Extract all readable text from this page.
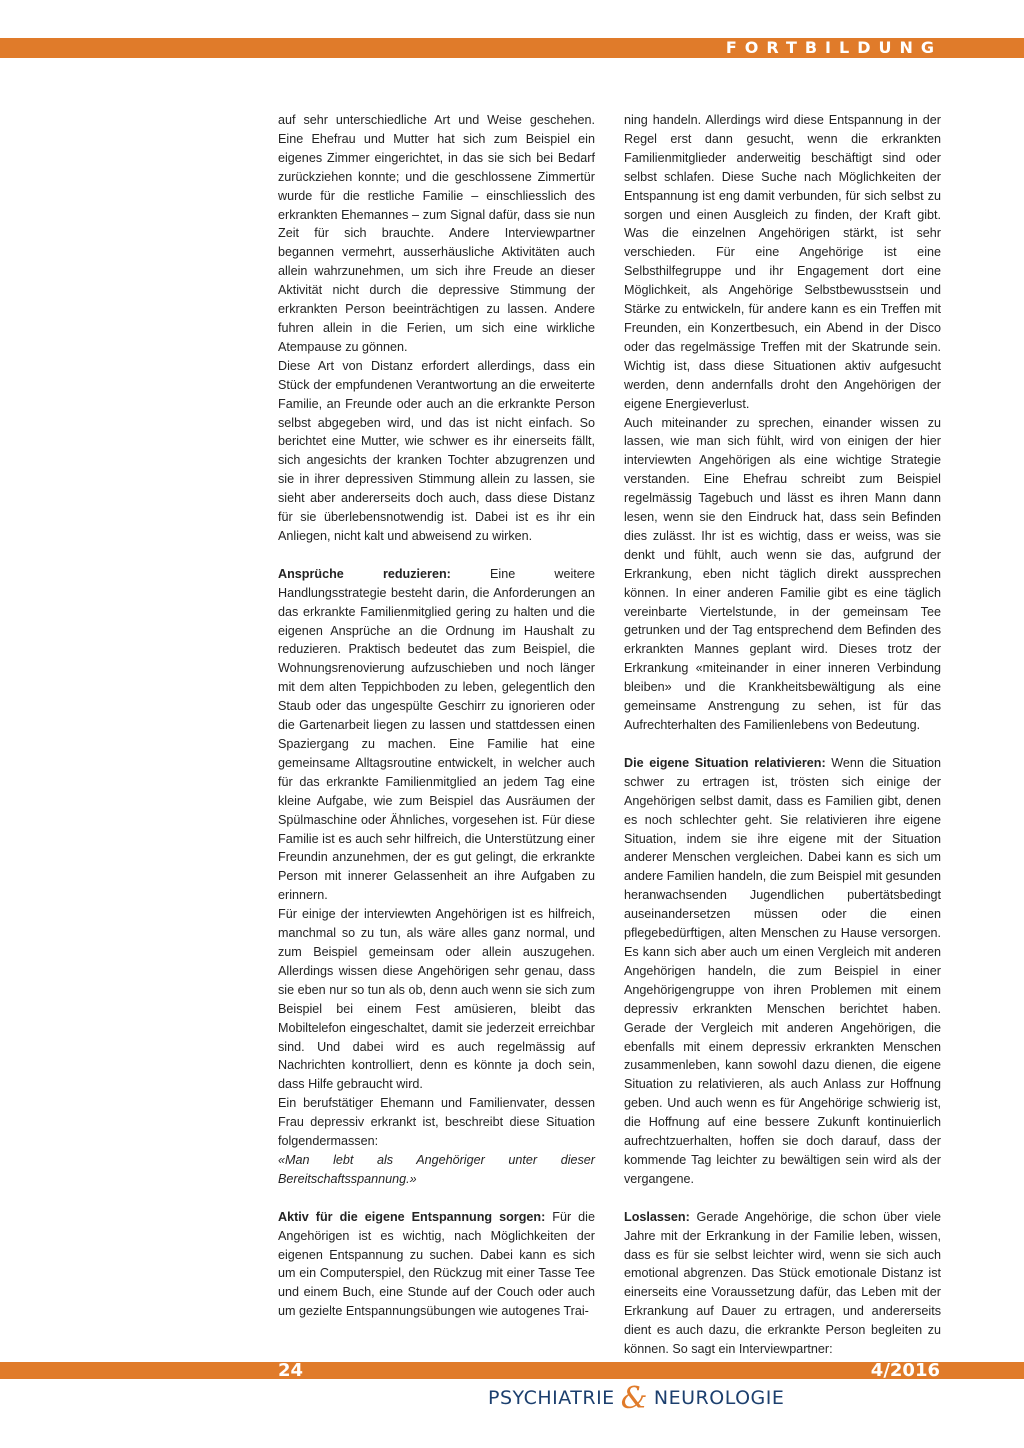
FORTBILDUNG

auf sehr unterschiedliche Art und Weise geschehen. Eine Ehefrau und Mutter hat sich zum Beispiel ein eigenes Zimmer eingerichtet, in das sie sich bei Bedarf zurückziehen konnte; und die geschlossene Zimmertür wurde für die restliche Familie – einschliesslich des erkrankten Ehemannes – zum Signal dafür, dass sie nun Zeit für sich brauchte. Andere Interviewpartner begannen vermehrt, ausserhäusliche Aktivitäten auch allein wahrzunehmen, um sich ihre Freude an dieser Aktivität nicht durch die depressive Stimmung der erkrankten Person beeinträchtigen zu lassen. Andere fuhren allein in die Ferien, um sich eine wirkliche Atempause zu gönnen.

Diese Art von Distanz erfordert allerdings, dass ein Stück der empfundenen Verantwortung an die erweiterte Familie, an Freunde oder auch an die erkrankte Person selbst abgegeben wird, und das ist nicht einfach. So berichtet eine Mutter, wie schwer es ihr einerseits fällt, sich angesichts der kranken Tochter abzugrenzen und sie in ihrer depressiven Stimmung allein zu lassen, sie sieht aber andererseits doch auch, dass diese Distanz für sie überlebensnotwendig ist. Dabei ist es ihr ein Anliegen, nicht kalt und abweisend zu wirken.

Ansprüche reduzieren: Eine weitere Handlungsstrategie besteht darin, die Anforderungen an das erkrankte Familienmitglied gering zu halten und die eigenen Ansprüche an die Ordnung im Haushalt zu reduzieren. Praktisch bedeutet das zum Beispiel, die Wohnungsrenovierung aufzuschieben und noch länger mit dem alten Teppichboden zu leben, gelegentlich den Staub oder das ungespülte Geschirr zu ignorieren oder die Gartenarbeit liegen zu lassen und stattdessen einen Spaziergang zu machen. Eine Familie hat eine gemeinsame Alltagsroutine entwickelt, in welcher auch für das erkrankte Familienmitglied an jedem Tag eine kleine Aufgabe, wie zum Beispiel das Ausräumen der Spülmaschine oder Ähnliches, vorgesehen ist. Für diese Familie ist es auch sehr hilfreich, die Unterstützung einer Freundin anzunehmen, der es gut gelingt, die erkrankte Person mit innerer Gelassenheit an ihre Aufgaben zu erinnern.

Für einige der interviewten Angehörigen ist es hilfreich, manchmal so zu tun, als wäre alles ganz normal, und zum Beispiel gemeinsam oder allein auszugehen. Allerdings wissen diese Angehörigen sehr genau, dass sie eben nur so tun als ob, denn auch wenn sie sich zum Beispiel bei einem Fest amüsieren, bleibt das Mobiltelefon eingeschaltet, damit sie jederzeit erreichbar sind. Und dabei wird es auch regelmässig auf Nachrichten kontrolliert, denn es könnte ja doch sein, dass Hilfe gebraucht wird.

Ein berufstätiger Ehemann und Familienvater, dessen Frau depressiv erkrankt ist, beschreibt diese Situation folgendermassen:

«Man lebt als Angehöriger unter dieser Bereitschaftsspannung.»

Aktiv für die eigene Entspannung sorgen: Für die Angehörigen ist es wichtig, nach Möglichkeiten der eigenen Entspannung zu suchen. Dabei kann es sich um ein Computerspiel, den Rückzug mit einer Tasse Tee und einem Buch, eine Stunde auf der Couch oder auch um gezielte Entspannungsübungen wie autogenes Trai-

ning handeln. Allerdings wird diese Entspannung in der Regel erst dann gesucht, wenn die erkrankten Familienmitglieder anderweitig beschäftigt sind oder selbst schlafen. Diese Suche nach Möglichkeiten der Entspannung ist eng damit verbunden, für sich selbst zu sorgen und einen Ausgleich zu finden, der Kraft gibt. Was die einzelnen Angehörigen stärkt, ist sehr verschieden. Für eine Angehörige ist eine Selbsthilfegruppe und ihr Engagement dort eine Möglichkeit, als Angehörige Selbstbewusstsein und Stärke zu entwickeln, für andere kann es ein Treffen mit Freunden, ein Konzertbesuch, ein Abend in der Disco oder das regelmässige Treffen mit der Skatrunde sein. Wichtig ist, dass diese Situationen aktiv aufgesucht werden, denn andernfalls droht den Angehörigen der eigene Energieverlust.

Auch miteinander zu sprechen, einander wissen zu lassen, wie man sich fühlt, wird von einigen der hier interviewten Angehörigen als eine wichtige Strategie verstanden. Eine Ehefrau schreibt zum Beispiel regelmässig Tagebuch und lässt es ihren Mann dann lesen, wenn sie den Eindruck hat, dass sein Befinden dies zulässt. Ihr ist es wichtig, dass er weiss, was sie denkt und fühlt, auch wenn sie das, aufgrund der Erkrankung, eben nicht täglich direkt aussprechen können. In einer anderen Familie gibt es eine täglich vereinbarte Viertelstunde, in der gemeinsam Tee getrunken und der Tag entsprechend dem Befinden des erkrankten Mannes geplant wird. Dieses trotz der Erkrankung «miteinander in einer inneren Verbindung bleiben» und die Krankheitsbewältigung als eine gemeinsame Anstrengung zu sehen, ist für das Aufrechterhalten des Familienlebens von Bedeutung.

Die eigene Situation relativieren: Wenn die Situation schwer zu ertragen ist, trösten sich einige der Angehörigen selbst damit, dass es Familien gibt, denen es noch schlechter geht. Sie relativieren ihre eigene Situation, indem sie ihre eigene mit der Situation anderer Menschen vergleichen. Dabei kann es sich um andere Familien handeln, die zum Beispiel mit gesunden heranwachsenden Jugendlichen pubertätsbedingt auseinandersetzen müssen oder die einen pflegebedürftigen, alten Menschen zu Hause versorgen. Es kann sich aber auch um einen Vergleich mit anderen Angehörigen handeln, die zum Beispiel in einer Angehörigengruppe von ihren Problemen mit einem depressiv erkrankten Menschen berichtet haben. Gerade der Vergleich mit anderen Angehörigen, die ebenfalls mit einem depressiv erkrankten Menschen zusammenleben, kann sowohl dazu dienen, die eigene Situation zu relativieren, als auch Anlass zur Hoffnung geben. Und auch wenn es für Angehörige schwierig ist, die Hoffnung auf eine bessere Zukunft kontinuierlich aufrechtzuerhalten, hoffen sie doch darauf, dass der kommende Tag leichter zu bewältigen sein wird als der vergangene.

Loslassen: Gerade Angehörige, die schon über viele Jahre mit der Erkrankung in der Familie leben, wissen, dass es für sie selbst leichter wird, wenn sie sich auch emotional abgrenzen. Das Stück emotionale Distanz ist einerseits eine Voraussetzung dafür, das Leben mit der Erkrankung auf Dauer zu ertragen, und andererseits dient es auch dazu, die erkrankte Person begleiten zu können. So sagt ein Interviewpartner:

24	4/2016
PSYCHIATRIE & NEUROLOGIE
